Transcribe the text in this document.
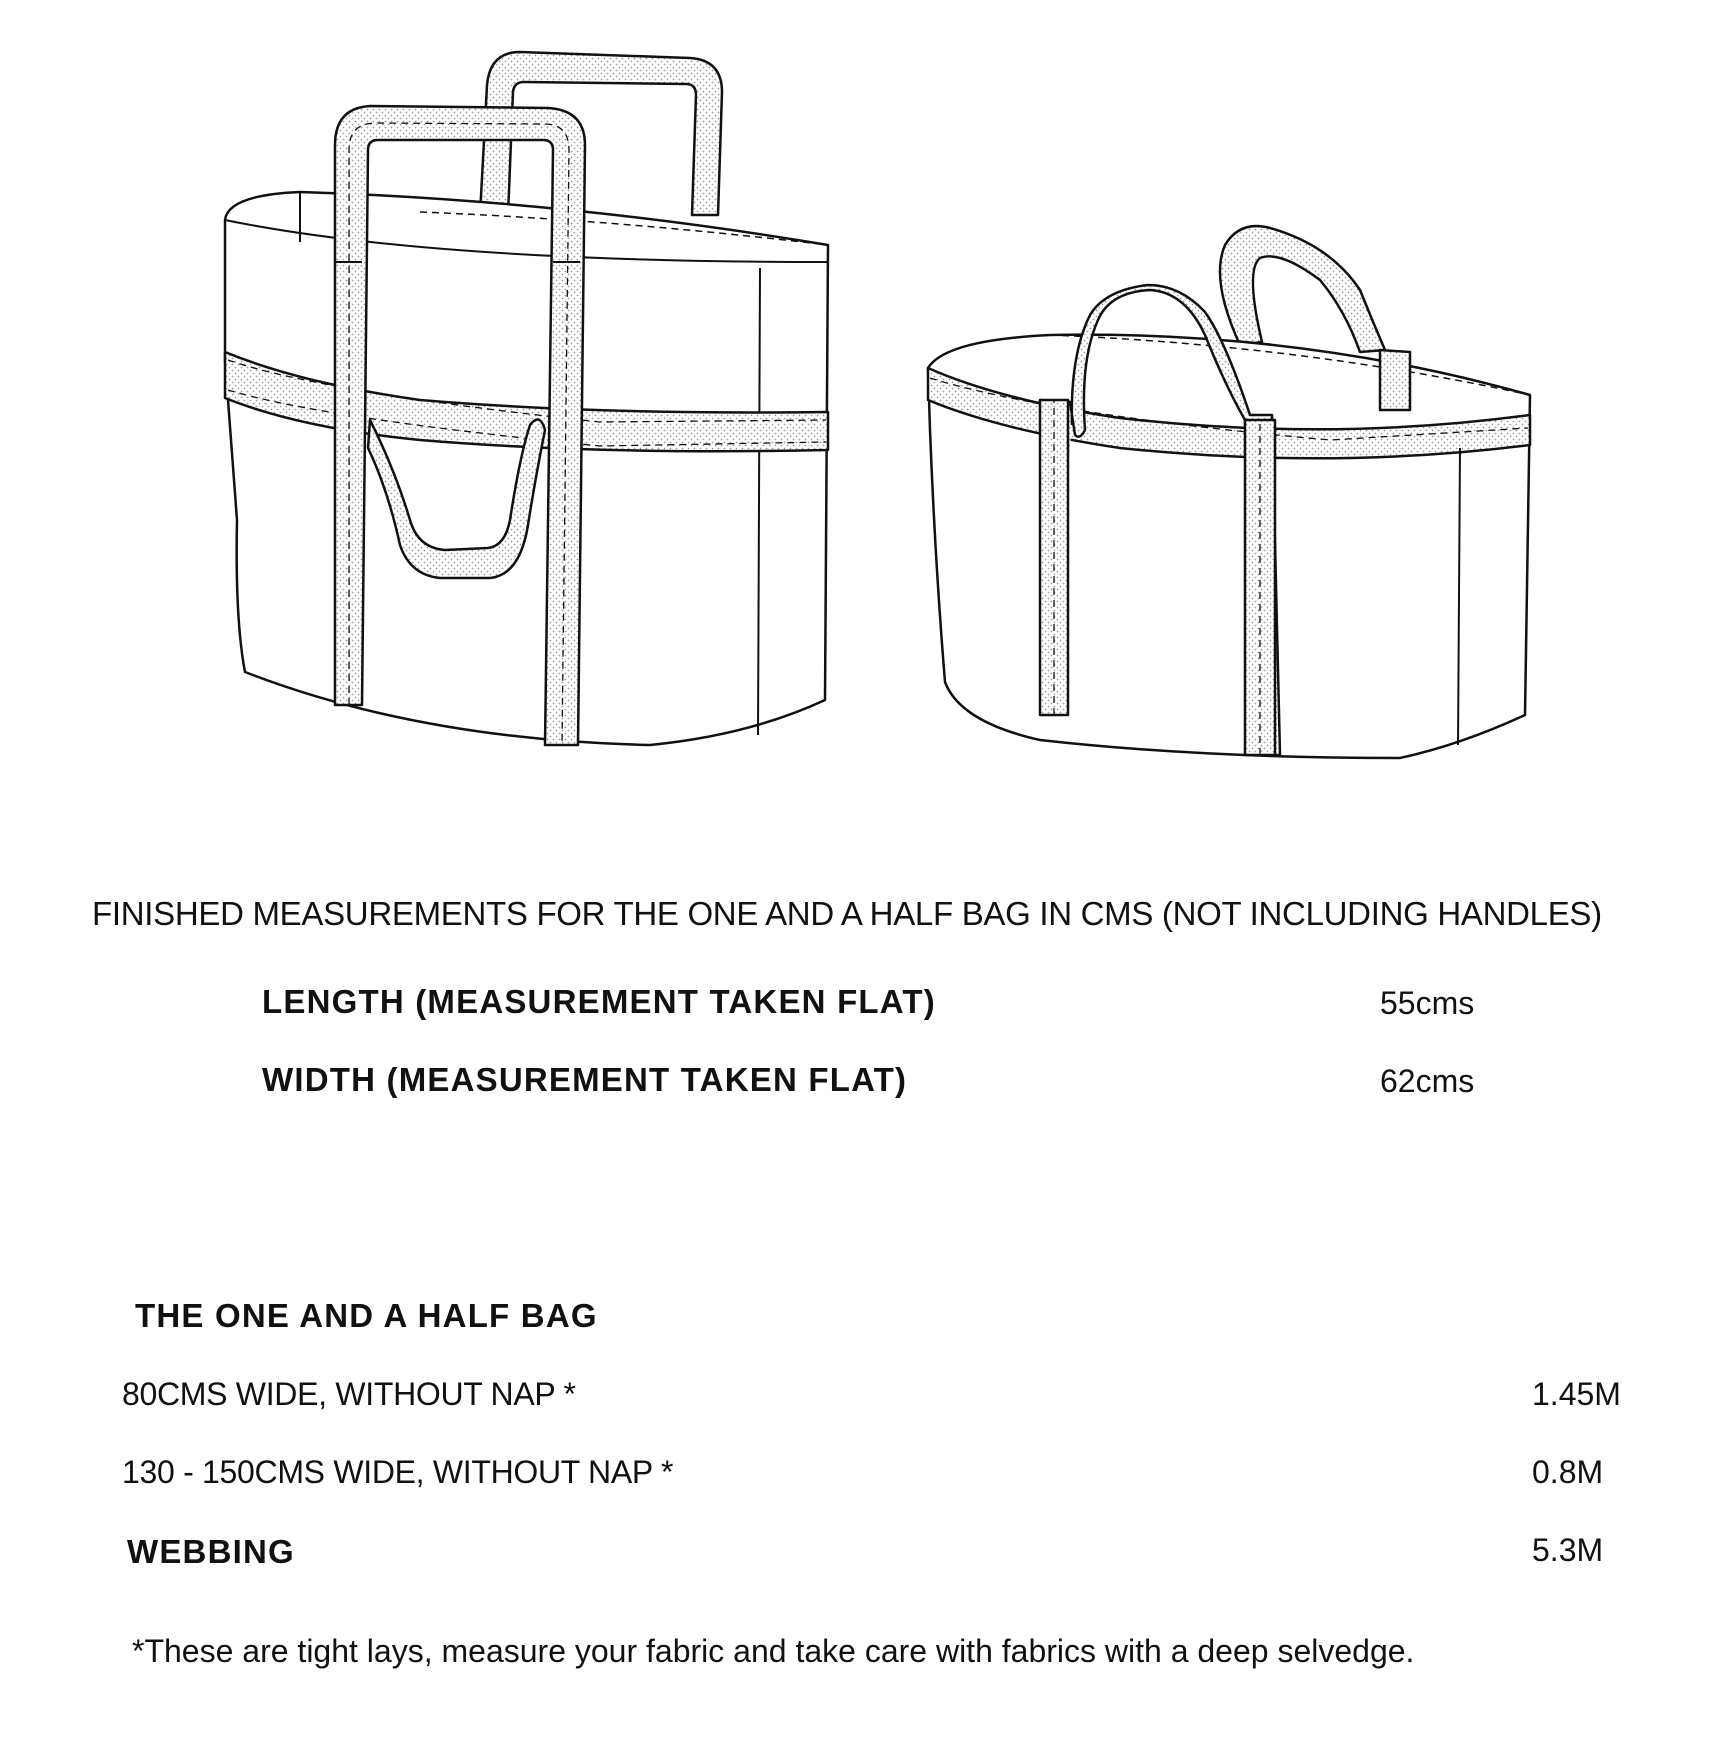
FINISHED MEASUREMENTS FOR THE ONE AND A HALF BAG IN CMS (NOT INCLUDING HANDLES)
LENGTH (MEASUREMENT TAKEN FLAT)	55cms
WIDTH (MEASUREMENT TAKEN FLAT)	62cms
THE ONE AND A HALF BAG
80CMS WIDE, WITHOUT NAP *	1.45M
130 - 150CMS WIDE, WITHOUT NAP *	0.8M
WEBBING	5.3M
*These are tight lays, measure your fabric and take care with fabrics with a deep selvedge.
